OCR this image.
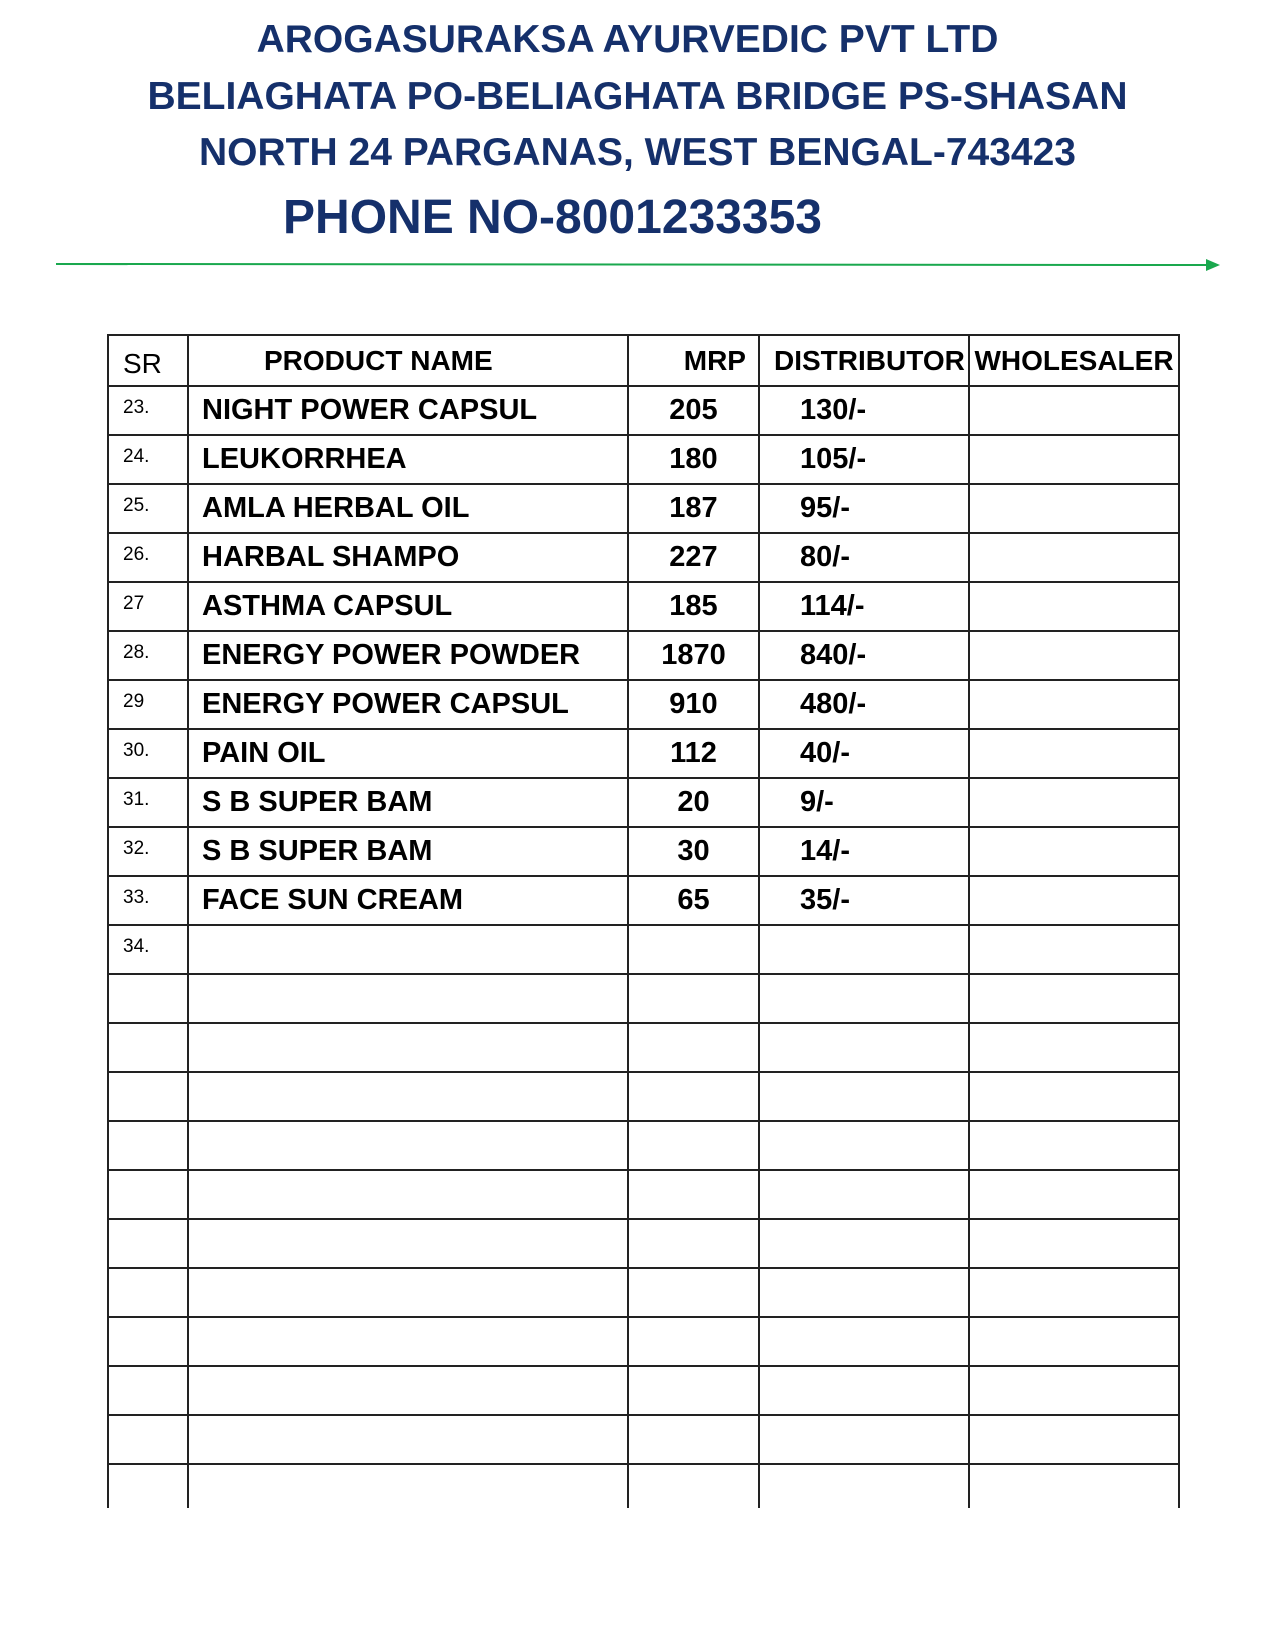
AROGASURAKSA AYURVEDIC PVT LTD
BELIAGHATA PO-BELIAGHATA BRIDGE PS-SHASAN
NORTH 24 PARGANAS, WEST BENGAL-743423
PHONE NO-8001233353
SR	PRODUCT NAME	MRP	DISTRIBUTOR	WHOLESALER
23.	NIGHT POWER CAPSUL	205	130/-	
24.	LEUKORRHEA	180	105/-	
25.	AMLA HERBAL OIL	187	95/-	
26.	HARBAL SHAMPO	227	80/-	
27	ASTHMA CAPSUL	185	114/-	
28.	ENERGY POWER POWDER	1870	840/-	
29	ENERGY POWER CAPSUL	910	480/-	
30.	PAIN OIL	112	40/-	
31.	S B SUPER BAM	20	9/-	
32.	S B SUPER BAM	30	14/-	
33.	FACE SUN CREAM	65	35/-	
34.				
